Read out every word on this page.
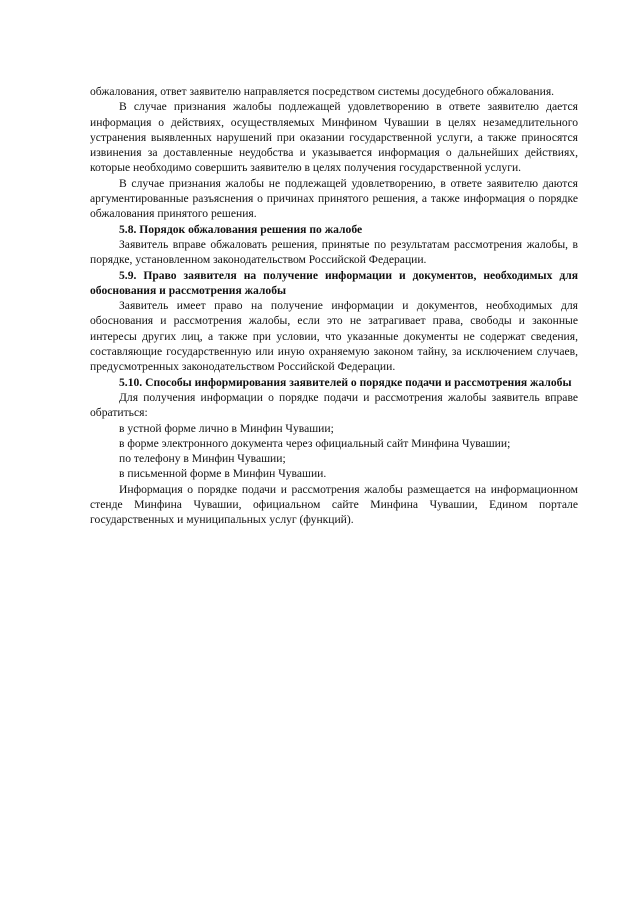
обжалования, ответ заявителю направляется посредством системы досудебного обжалования.

В случае признания жалобы подлежащей удовлетворению в ответе заявителю дается информация о действиях, осуществляемых Минфином Чувашии в целях незамедлительного устранения выявленных нарушений при оказании государственной услуги, а также приносятся извинения за доставленные неудобства и указывается информация о дальнейших действиях, которые необходимо совершить заявителю в целях получения государственной услуги.

В случае признания жалобы не подлежащей удовлетворению, в ответе заявителю даются аргументированные разъяснения о причинах принятого решения, а также информация о порядке обжалования принятого решения.

5.8. Порядок обжалования решения по жалобе

Заявитель вправе обжаловать решения, принятые по результатам рассмотрения жалобы, в порядке, установленном законодательством Российской Федерации.

5.9. Право заявителя на получение информации и документов, необходимых для обоснования и рассмотрения жалобы

Заявитель имеет право на получение информации и документов, необходимых для обоснования и рассмотрения жалобы, если это не затрагивает права, свободы и законные интересы других лиц, а также при условии, что указанные документы не содержат сведения, составляющие государственную или иную охраняемую законом тайну, за исключением случаев, предусмотренных законодательством Российской Федерации.

5.10. Способы информирования заявителей о порядке подачи и рассмотрения жалобы

Для получения информации о порядке подачи и рассмотрения жалобы заявитель вправе обратиться:

в устной форме лично в Минфин Чувашии;

в форме электронного документа через официальный сайт Минфина Чувашии;

по телефону в Минфин Чувашии;

в письменной форме в Минфин Чувашии.

Информация о порядке подачи и рассмотрения жалобы размещается на информационном стенде Минфина Чувашии, официальном сайте Минфина Чувашии, Едином портале государственных и муниципальных услуг (функций).
